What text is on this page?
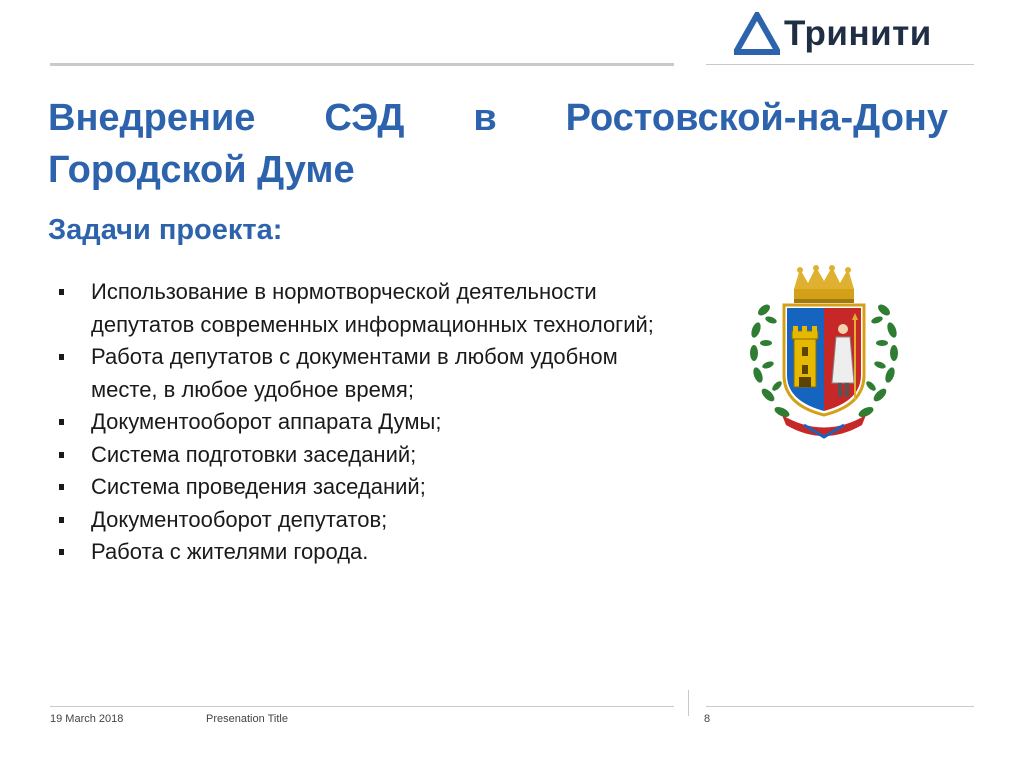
Тринити
Внедрение СЭД в Ростовской-на-Дону
Городской Думе
Задачи проекта:
Использование в нормотворческой деятельности депутатов современных информационных технологий;
Работа депутатов с документами в любом удобном месте, в любое удобное время;
Документооборот аппарата Думы;
Система подготовки заседаний;
Система проведения заседаний;
Документооборот депутатов;
Работа с жителями города.
19 March 2018	Presenation Title	8
